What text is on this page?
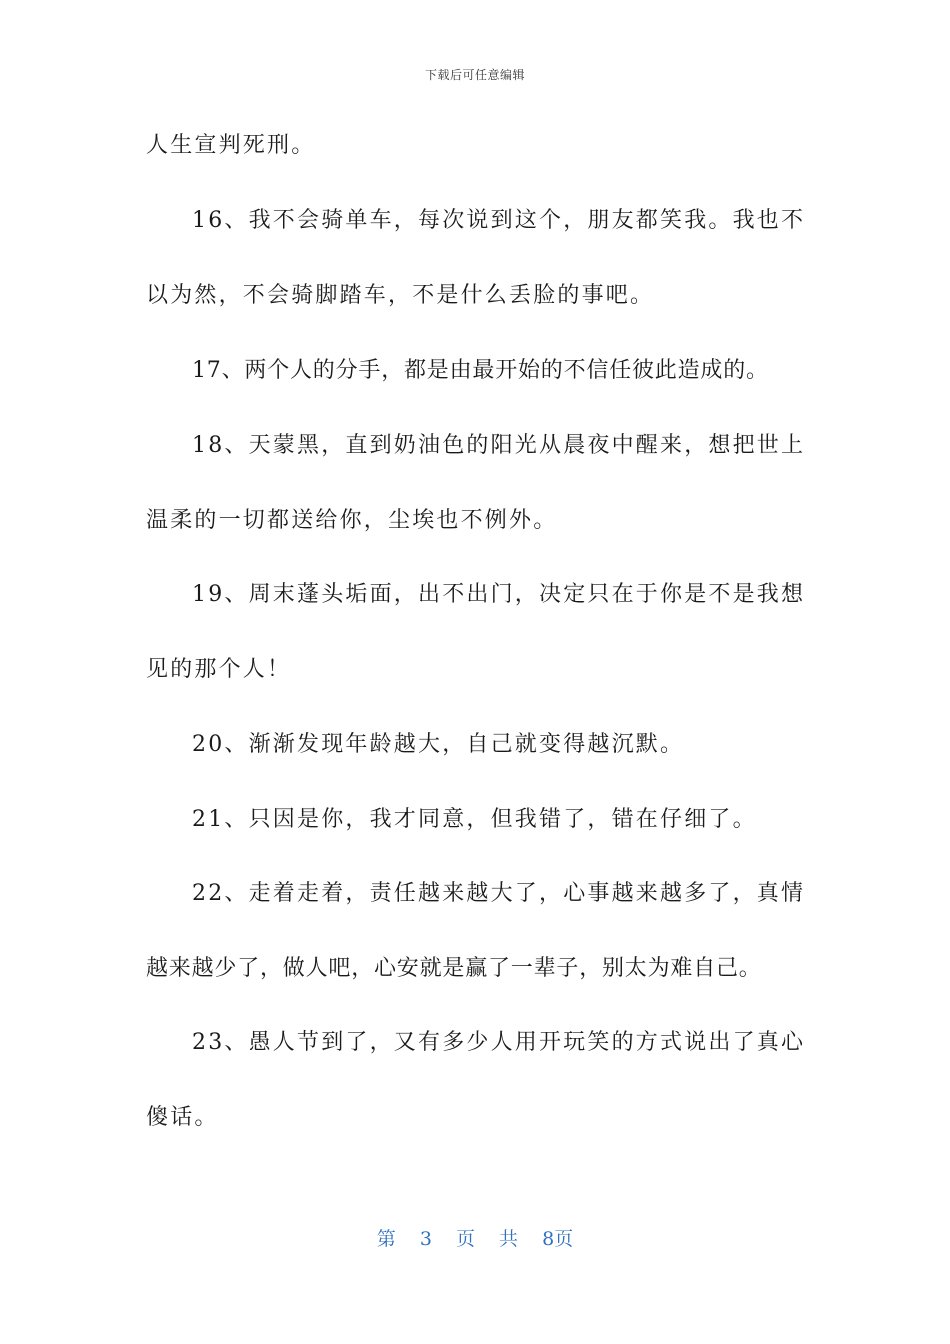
下载后可任意编辑
人生宣判死刑。
16、我不会骑单车，每次说到这个，朋友都笑我。我也不
以为然，不会骑脚踏车，不是什么丢脸的事吧。
17、两个人的分手，都是由最开始的不信任彼此造成的。
18、天蒙黑，直到奶油色的阳光从晨夜中醒来，想把世上
温柔的一切都送给你，尘埃也不例外。
19、周末蓬头垢面，出不出门，决定只在于你是不是我想
见的那个人！
20、渐渐发现年龄越大，自己就变得越沉默。
21、只因是你，我才同意，但我错了，错在仔细了。
22、走着走着，责任越来越大了，心事越来越多了，真情
越来越少了，做人吧，心安就是赢了一辈子，别太为难自己。
23、愚人节到了，又有多少人用开玩笑的方式说出了真心
傻话。
第 3 页 共 8页
